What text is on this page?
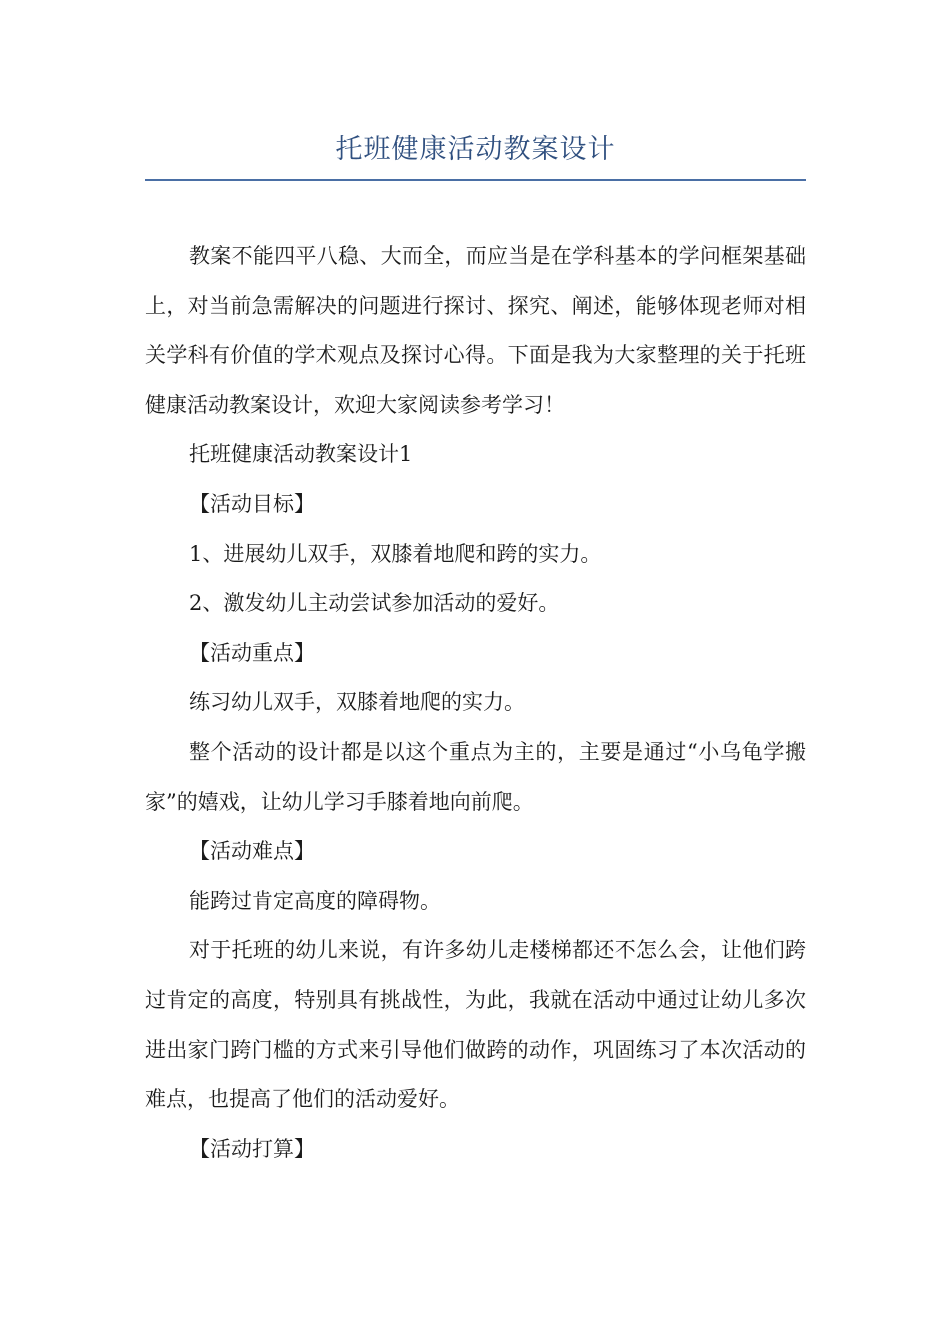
托班健康活动教案设计

教案不能四平八稳、大而全，而应当是在学科基本的学问框架基础上，对当前急需解决的问题进行探讨、探究、阐述，能够体现老师对相关学科有价值的学术观点及探讨心得。下面是我为大家整理的关于托班健康活动教案设计，欢迎大家阅读参考学习！

托班健康活动教案设计1

【活动目标】

1、进展幼儿双手，双膝着地爬和跨的实力。

2、激发幼儿主动尝试参加活动的爱好。

【活动重点】

练习幼儿双手，双膝着地爬的实力。

整个活动的设计都是以这个重点为主的，主要是通过“小乌龟学搬家”的嬉戏，让幼儿学习手膝着地向前爬。

【活动难点】

能跨过肯定高度的障碍物。

对于托班的幼儿来说，有许多幼儿走楼梯都还不怎么会，让他们跨过肯定的高度，特别具有挑战性，为此，我就在活动中通过让幼儿多次进出家门跨门槛的方式来引导他们做跨的动作，巩固练习了本次活动的难点，也提高了他们的活动爱好。

【活动打算】
